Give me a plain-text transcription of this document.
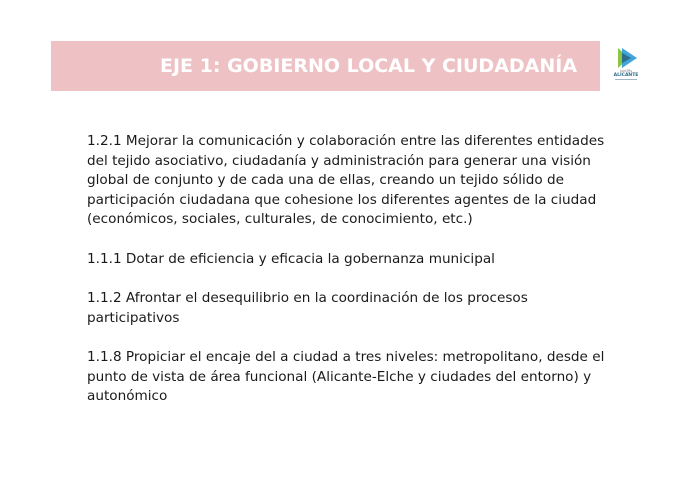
EJE 1: GOBIERNO LOCAL Y CIUDADANÍA	Junt@s
ALICANTE

1.2.1 Mejorar la comunicación y colaboración entre las diferentes entidades del tejido asociativo, ciudadanía y administración para generar una visión global de conjunto y de cada una de ellas, creando un tejido sólido de participación ciudadana que cohesione los diferentes agentes de la ciudad (económicos, sociales, culturales, de conocimiento, etc.)

1.1.1 Dotar de eficiencia y eficacia la gobernanza municipal

1.1.2 Afrontar el desequilibrio en la coordinación de los procesos participativos

1.1.8 Propiciar el encaje del a ciudad a tres niveles: metropolitano, desde el punto de vista de área funcional (Alicante-Elche y ciudades del entorno) y autonómico
